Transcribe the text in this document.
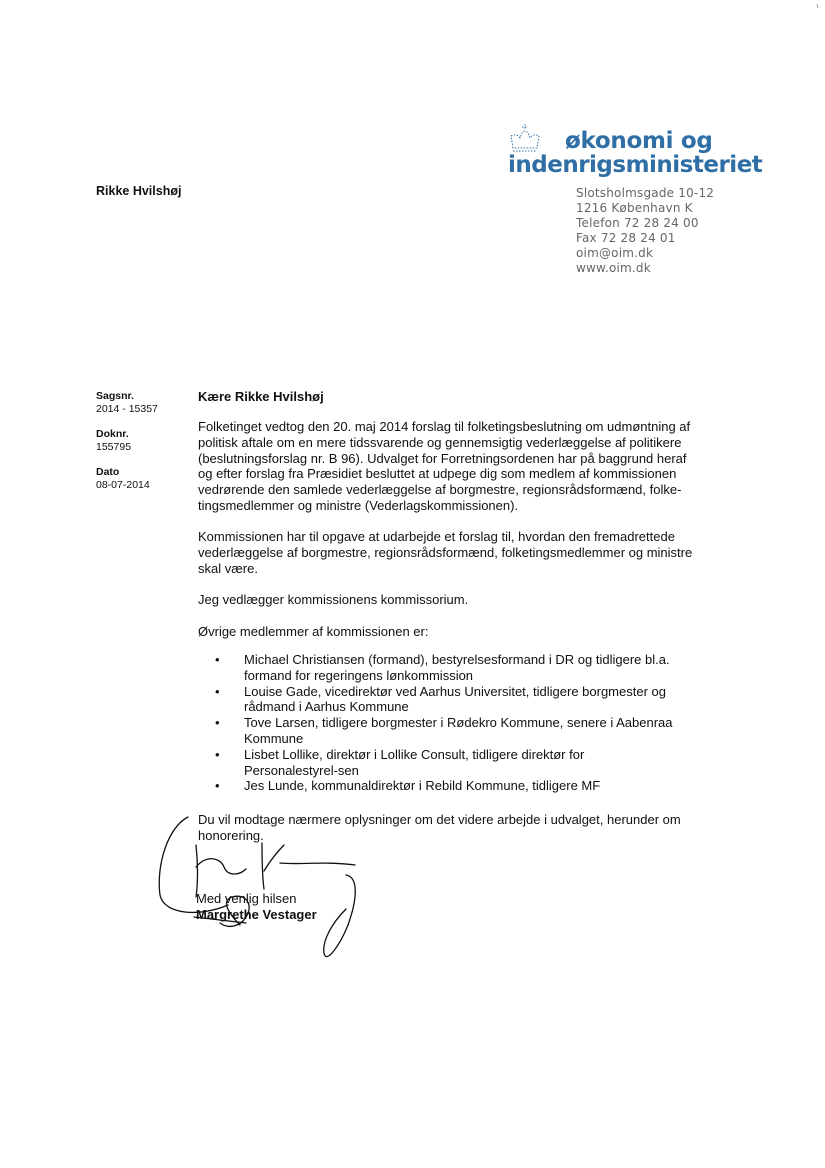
økonomi og
indenrigsministeriet
Slotsholmsgade 10-12
1216 København K
Telefon 72 28 24 00
Fax 72 28 24 01
oim@oim.dk
www.oim.dk
Rikke Hvilshøj
Sagsnr.
2014 - 15357
Doknr.
155795
Dato
08-07-2014
Kære Rikke Hvilshøj
Folketinget vedtog den 20. maj 2014 forslag til folketingsbeslutning om udmøntning af politisk aftale om en mere tidssvarende og gennemsigtig vederlæggelse af politikere (beslutningsforslag nr. B 96). Udvalget for Forretningsordenen har på baggrund heraf og efter forslag fra Præsidiet besluttet at udpege dig som medlem af kommissionen vedrørende den samlede vederlæggelse af borgmestre, regionsrådsformænd, folke-tingsmedlemmer og ministre (Vederlagskommissionen).
Kommissionen har til opgave at udarbejde et forslag til, hvordan den fremadrettede vederlæggelse af borgmestre, regionsrådsformænd, folketingsmedlemmer og ministre skal være.
Jeg vedlægger kommissionens kommissorium.
Øvrige medlemmer af kommissionen er:
• Michael Christiansen (formand), bestyrelsesformand i DR og tidligere bl.a. formand for regeringens lønkommission
• Louise Gade, vicedirektør ved Aarhus Universitet, tidligere borgmester og rådmand i Aarhus Kommune
• Tove Larsen, tidligere borgmester i Rødekro Kommune, senere i Aabenraa Kommune
• Lisbet Lollike, direktør i Lollike Consult, tidligere direktør for Personalestyrel-sen
• Jes Lunde, kommunaldirektør i Rebild Kommune, tidligere MF
Du vil modtage nærmere oplysninger om det videre arbejde i udvalget, herunder om honorering.
Med venlig hilsen
Margrethe Vestager
